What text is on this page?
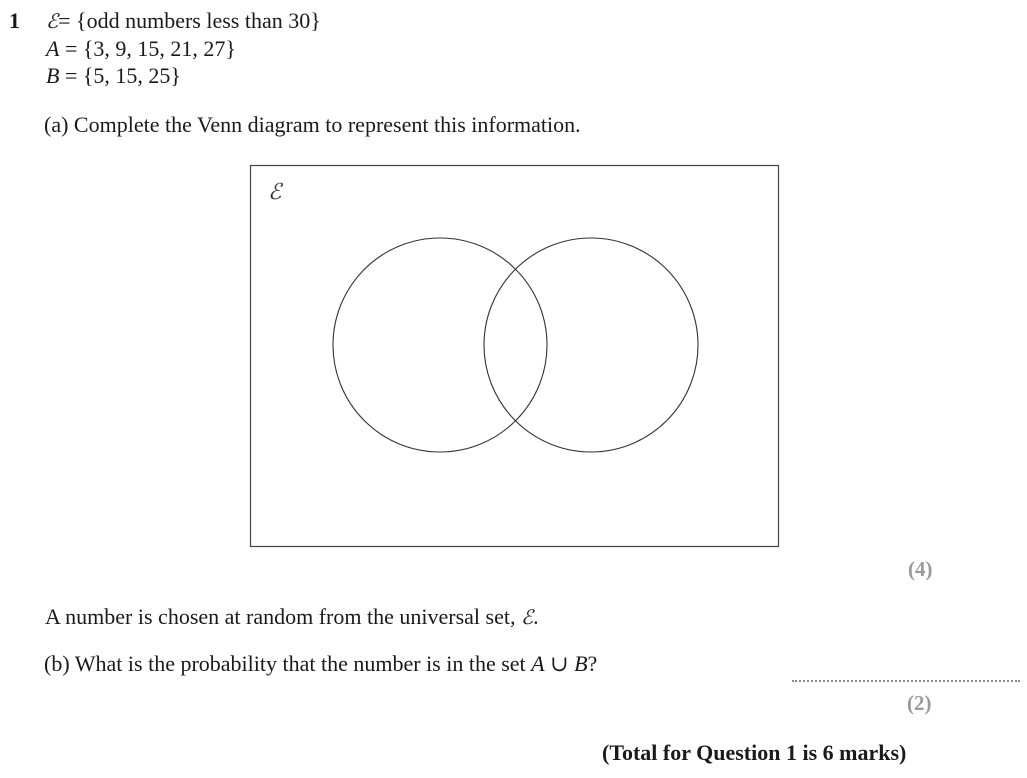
1 ℰ= {odd numbers less than 30}
A = {3, 9, 15, 21, 27}
B = {5, 15, 25}
(a) Complete the Venn diagram to represent this information.
ℰ
(4)
A number is chosen at random from the universal set, ℰ.
(b) What is the probability that the number is in the set A ∪ B?
(2)
(Total for Question 1 is 6 marks)
